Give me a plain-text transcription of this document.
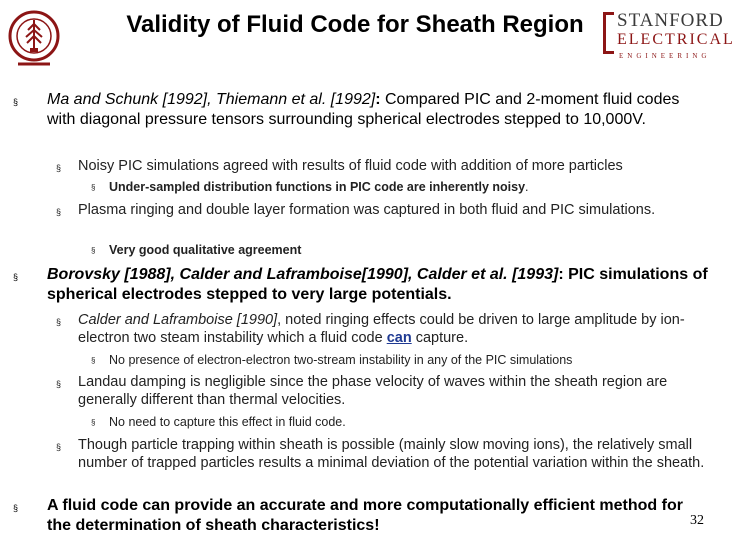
Validity of Fluid Code for Sheath Region	STANFORD
ELECTRICAL
ENGINEERING
§ Ma and Schunk [1992], Thiemann et al. [1992]: Compared PIC and 2-moment fluid codes with diagonal pressure tensors surrounding spherical electrodes stepped to 10,000V.
§ Noisy PIC simulations agreed with results of fluid code with addition of more particles
§ Under-sampled distribution functions in PIC code are inherently noisy.
§ Plasma ringing and double layer formation was captured in both fluid and PIC simulations.
§ Very good qualitative agreement
§ Borovsky [1988], Calder and Laframboise[1990], Calder et al. [1993]: PIC simulations of spherical electrodes stepped to very large potentials.
§ Calder and Laframboise [1990], noted ringing effects could be driven to large amplitude by ion-electron two steam instability which a fluid code can capture.
§ No presence of electron-electron two-stream instability in any of the PIC simulations
§ Landau damping is negligible since the phase velocity of waves within the sheath region are generally different than thermal velocities.
§ No need to capture this effect in fluid code.
§ Though particle trapping within sheath is possible (mainly slow moving ions), the relatively small number of trapped particles results a minimal deviation of the potential variation within the sheath.
§ A fluid code can provide an accurate and more computationally efficient method for the determination of sheath characteristics!	32
